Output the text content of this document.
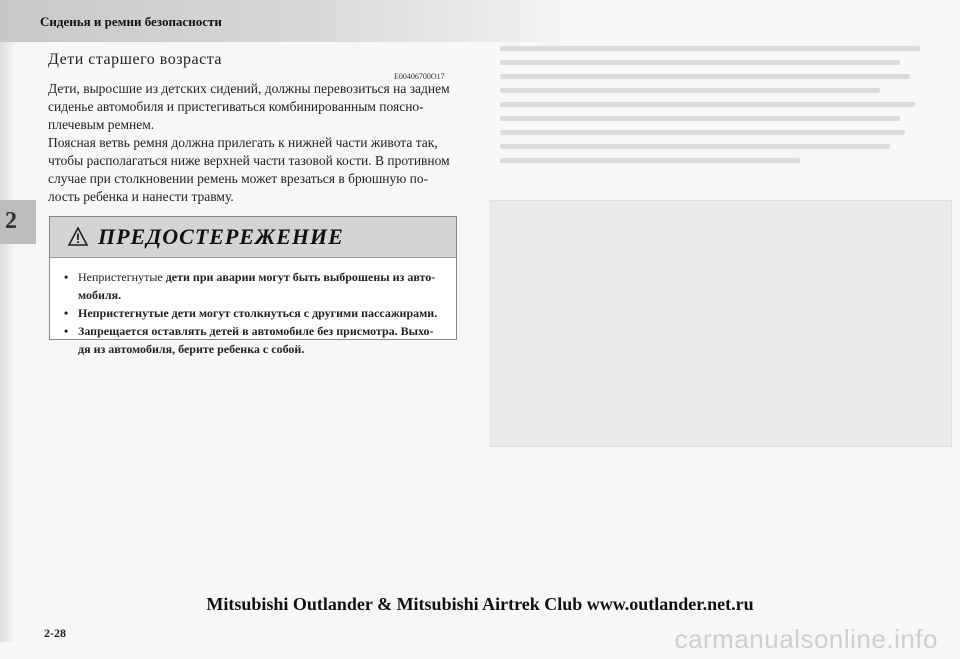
Сиденья и ремни безопасности
2
Дети старшего возраста
E00406700O17

Дети, выросшие из детских сидений, должны перевозиться на заднем сиденье автомобиля и пристегиваться комбинированным поясно-плечевым ремнем.

Поясная ветвь ремня должна прилегать к нижней части живота так, чтобы располагаться ниже верхней части тазовой кости. В противном случае при столкновении ремень может врезаться в брюшную по-лость ребенка и нанести травму.

ПРЕДОСТЕРЕЖЕНИЕ
• Непристегнутые дети при аварии могут быть выброшены из авто-мобиля.
• Непристегнутые дети могут столкнуться с другими пассажирами.
• Запрещается оставлять детей в автомобиле без присмотра. Выхо-дя из автомобиля, берите ребенка с собой.
Mitsubishi Outlander & Mitsubishi Airtrek Club www.outlander.net.ru
2-28	carmanualsonline.info
